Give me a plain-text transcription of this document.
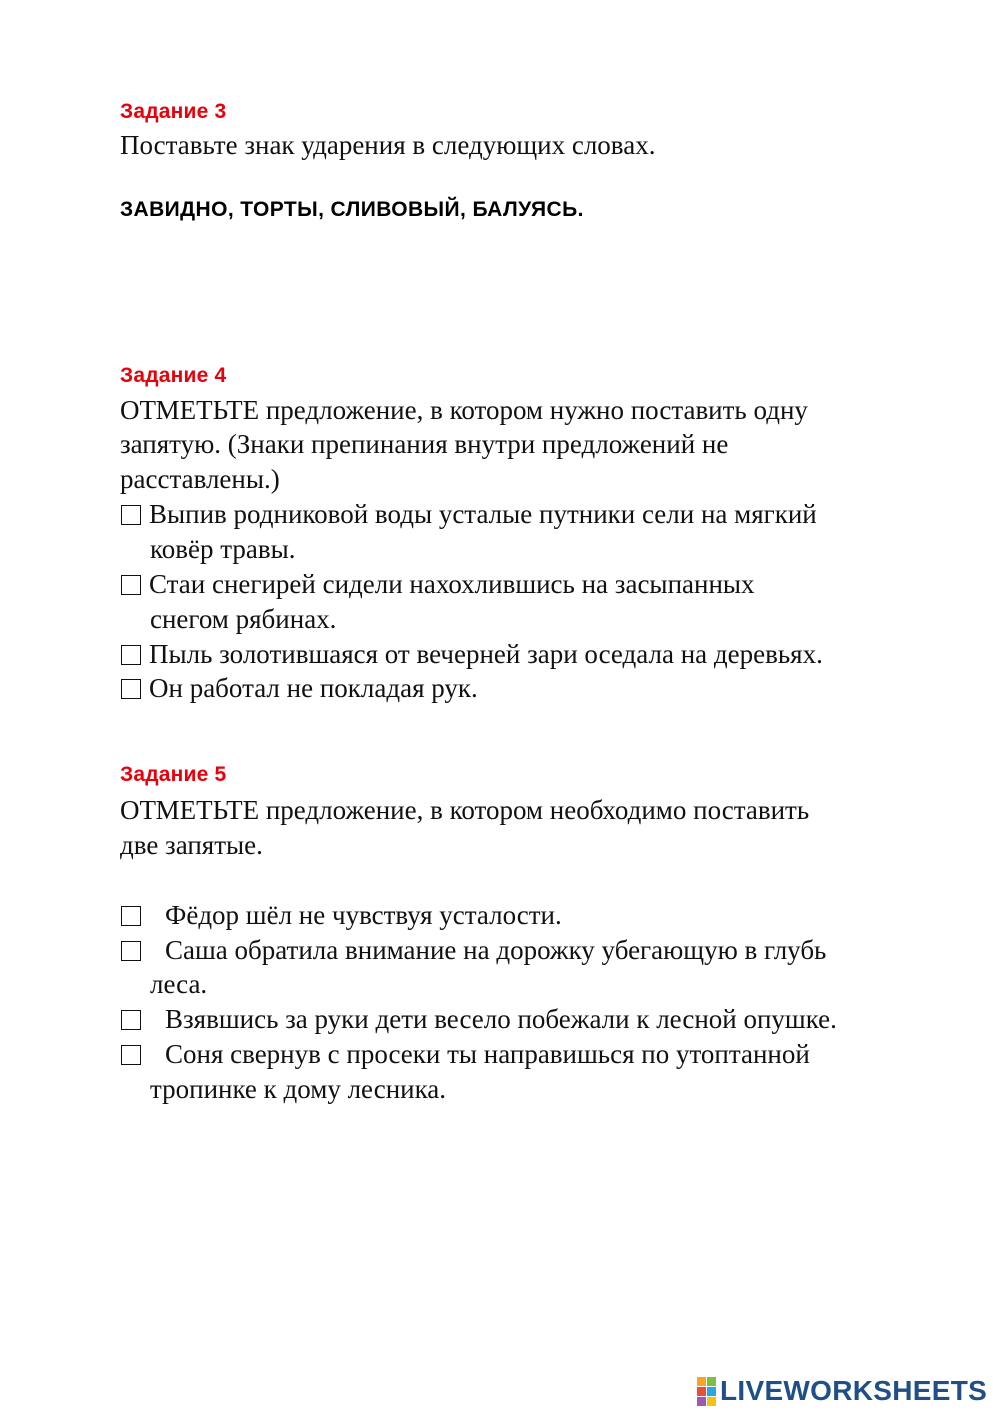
Задание 3
Поставьте знак ударения в следующих словах.
ЗАВИДНО, ТОРТЫ, СЛИВОВЫЙ, БАЛУЯСЬ.
Задание 4
ОТМЕТЬТЕ предложение, в котором нужно поставить одну
запятую. (Знаки препинания внутри предложений не
расставлены.)
Выпив родниковой воды усталые путники сели на мягкий
ковёр травы.
Стаи снегирей сидели нахохлившись на засыпанных
снегом рябинах.
Пыль золотившаяся от вечерней зари оседала на деревьях.
Он работал не покладая рук.
Задание 5
ОТМЕТЬТЕ предложение, в котором необходимо поставить
две запятые.
Фёдор шёл не чувствуя усталости.
Саша обратила внимание на дорожку убегающую в глубь
леса.
Взявшись за руки дети весело побежали к лесной опушке.
Соня свернув с просеки ты направишься по утоптанной
тропинке к дому лесника.
LIVEWORKSHEETS
